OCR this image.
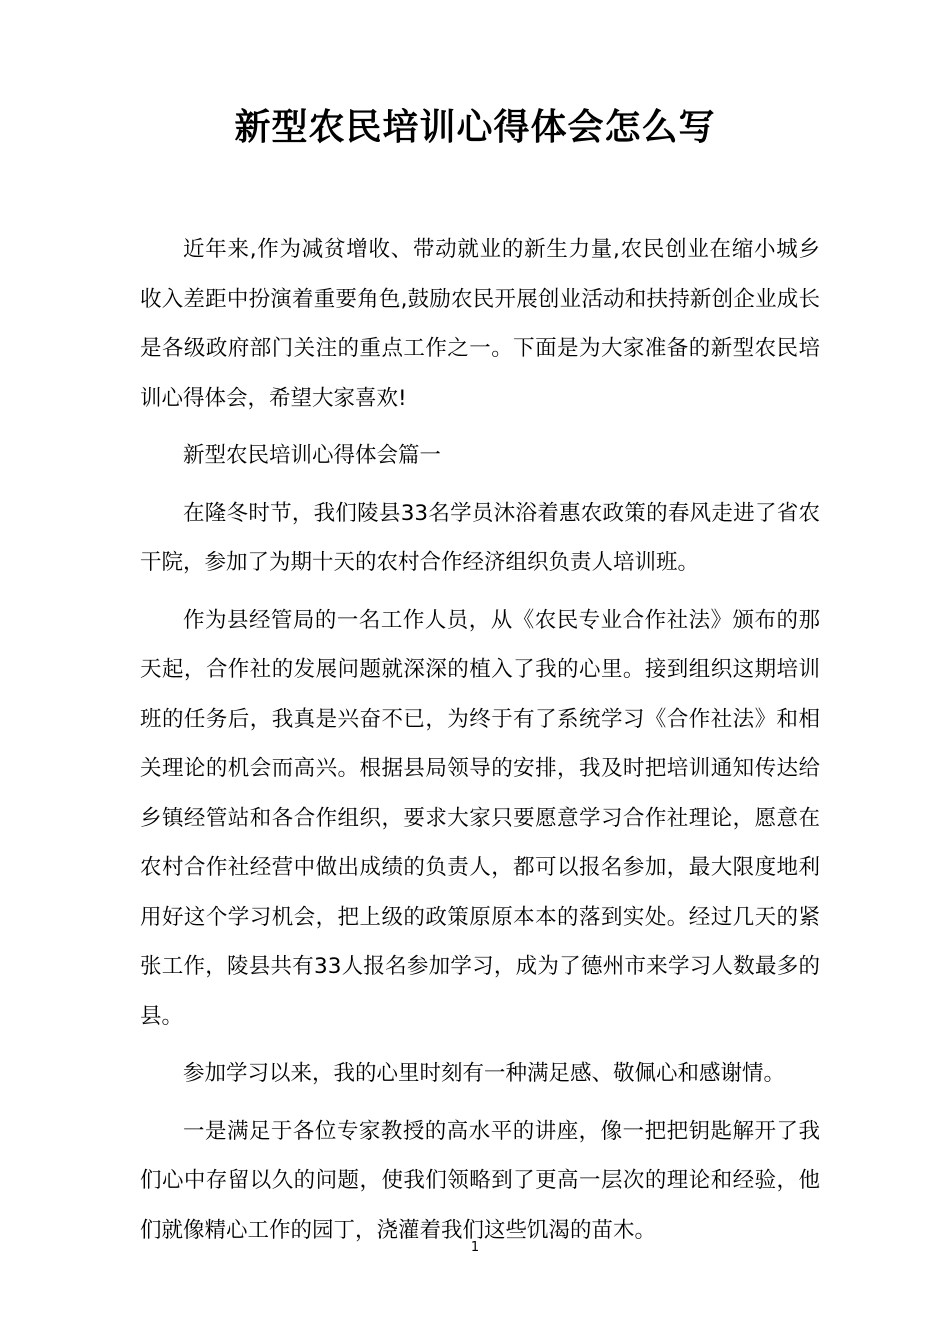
新型农民培训心得体会怎么写

近年来,作为减贫增收、带动就业的新生力量,农民创业在缩小城乡收入差距中扮演着重要角色,鼓励农民开展创业活动和扶持新创企业成长是各级政府部门关注的重点工作之一。下面是为大家准备的新型农民培训心得体会，希望大家喜欢!

新型农民培训心得体会篇一

在隆冬时节，我们陵县33名学员沐浴着惠农政策的春风走进了省农干院，参加了为期十天的农村合作经济组织负责人培训班。

作为县经管局的一名工作人员，从《农民专业合作社法》颁布的那天起，合作社的发展问题就深深的植入了我的心里。接到组织这期培训班的任务后，我真是兴奋不已，为终于有了系统学习《合作社法》和相关理论的机会而高兴。根据县局领导的安排，我及时把培训通知传达给乡镇经管站和各合作组织，要求大家只要愿意学习合作社理论，愿意在农村合作社经营中做出成绩的负责人，都可以报名参加，最大限度地利用好这个学习机会，把上级的政策原原本本的落到实处。经过几天的紧张工作，陵县共有33人报名参加学习，成为了德州市来学习人数最多的县。

参加学习以来，我的心里时刻有一种满足感、敬佩心和感谢情。

一是满足于各位专家教授的高水平的讲座，像一把把钥匙解开了我们心中存留以久的问题，使我们领略到了更高一层次的理论和经验，他们就像精心工作的园丁，浇灌着我们这些饥渴的苗木。

1
